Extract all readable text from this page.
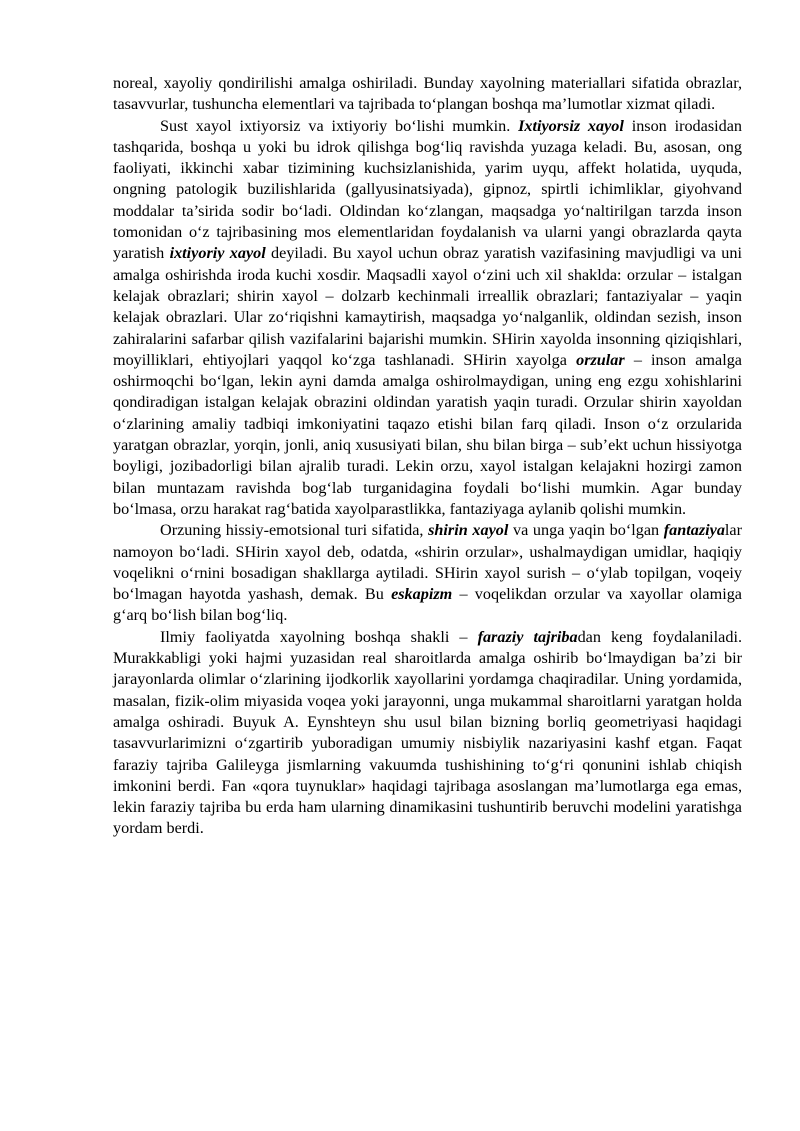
noreal, xayoliy qondirilishi amalga oshiriladi. Bunday xayolning materiallari sifatida obrazlar, tasavvurlar, tushuncha elementlari va tajribada to‘plangan boshqa ma’lumotlar xizmat qiladi.

Sust xayol ixtiyorsiz va ixtiyoriy bo‘lishi mumkin. Ixtiyorsiz xayol inson irodasidan tashqarida, boshqa u yoki bu idrok qilishga bog‘liq ravishda yuzaga keladi. Bu, asosan, ong faoliyati, ikkinchi xabar tizimining kuchsizlanishida, yarim uyqu, affekt holatida, uyquda, ongning patologik buzilishlarida (gallyusinatsiyada), gipnoz, spirtli ichimliklar, giyohvand moddalar ta’sirida sodir bo‘ladi. Oldindan ko‘zlangan, maqsadga yo‘naltirilgan tarzda inson tomonidan o‘z tajribasining mos elementlaridan foydalanish va ularni yangi obrazlarda qayta yaratish ixtiyoriy xayol deyiladi. Bu xayol uchun obraz yaratish vazifasining mavjudligi va uni amalga oshirishda iroda kuchi xosdir. Maqsadli xayol o‘zini uch xil shaklda: orzular – istalgan kelajak obrazlari; shirin xayol – dolzarb kechinmali irreallik obrazlari; fantaziyalar – yaqin kelajak obrazlari. Ular zo‘riqishni kamaytirish, maqsadga yo‘nalganlik, oldindan sezish, inson zahiralarini safarbar qilish vazifalarini bajarishi mumkin. SHirin xayolda insonning qiziqishlari, moyilliklari, ehtiyojlari yaqqol ko‘zga tashlanadi. SHirin xayolga orzular – inson amalga oshirmoqchi bo‘lgan, lekin ayni damda amalga oshirolmaydigan, uning eng ezgu xohishlarini qondiradigan istalgan kelajak obrazini oldindan yaratish yaqin turadi. Orzular shirin xayoldan o‘zlarining amaliy tadbiqi imkoniyatini taqazo etishi bilan farq qiladi. Inson o‘z orzularida yaratgan obrazlar, yorqin, jonli, aniq xususiyati bilan, shu bilan birga – sub’ekt uchun hissiyotga boyligi, jozibadorligi bilan ajralib turadi. Lekin orzu, xayol istalgan kelajakni hozirgi zamon bilan muntazam ravishda bog‘lab turganidagina foydali bo‘lishi mumkin. Agar bunday bo‘lmasa, orzu harakat rag‘batida xayolparastlikka, fantaziyaga aylanib qolishi mumkin.

Orzuning hissiy-emotsional turi sifatida, shirin xayol va unga yaqin bo‘lgan fantaziyalar namoyon bo‘ladi. SHirin xayol deb, odatda, «shirin orzular», ushalmaydigan umidlar, haqiqiy voqelikni o‘rnini bosadigan shakllarga aytiladi. SHirin xayol surish – o‘ylab topilgan, voqeiy bo‘lmagan hayotda yashash, demak. Bu eskapizm – voqelikdan orzular va xayollar olamiga g‘arq bo‘lish bilan bog‘liq.

Ilmiy faoliyatda xayolning boshqa shakli – faraziy tajribadan keng foydalaniladi. Murakkabligi yoki hajmi yuzasidan real sharoitlarda amalga oshirib bo‘lmaydigan ba’zi bir jarayonlarda olimlar o‘zlarining ijodkorlik xayollarini yordamga chaqiradilar. Uning yordamida, masalan, fizik-olim miyasida voqea yoki jarayonni, unga mukammal sharoitlarni yaratgan holda amalga oshiradi. Buyuk A. Eynshteyn shu usul bilan bizning borliq geometriyasi haqidagi tasavvurlarimizni o‘zgartirib yuboradigan umumiy nisbiylik nazariyasini kashf etgan. Faqat faraziy tajriba Galileyga jismlarning vakuumda tushishining to‘g‘ri qonunini ishlab chiqish imkonini berdi. Fan «qora tuynuklar» haqidagi tajribaga asoslangan ma’lumotlarga ega emas, lekin faraziy tajriba bu erda ham ularning dinamikasini tushuntirib beruvchi modelini yaratishga yordam berdi.
